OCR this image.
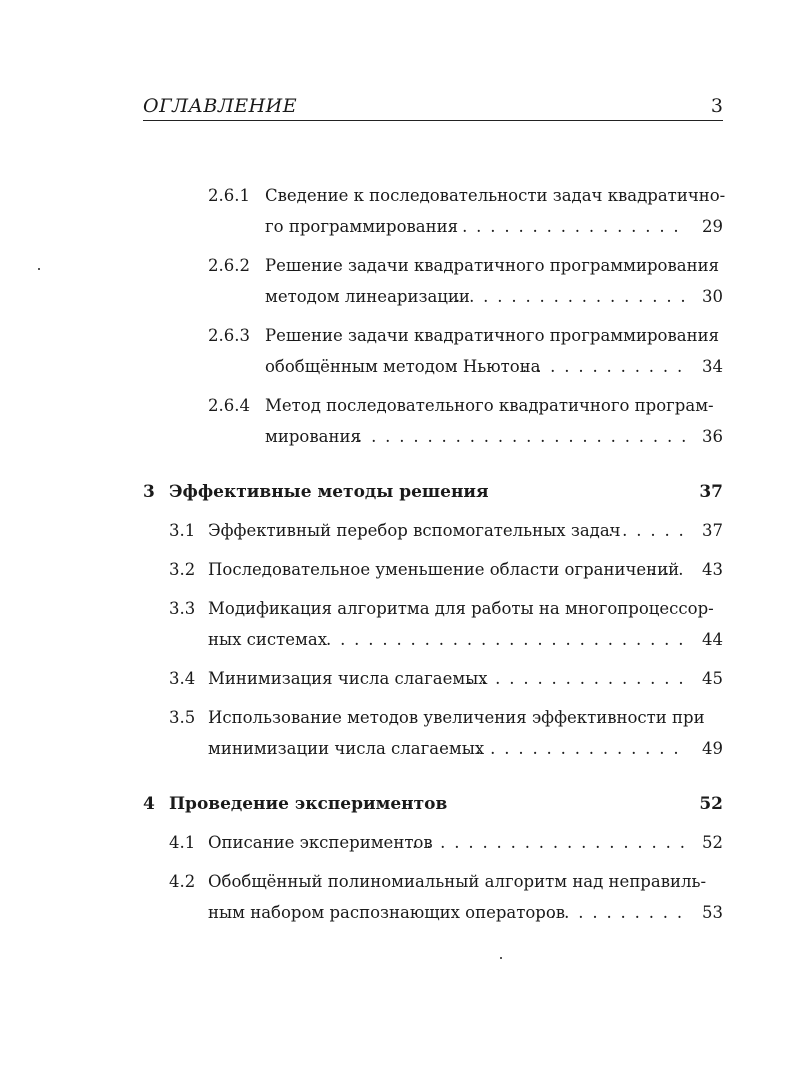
ОГЛАВЛЕНИЕ	3
2.6.1 Сведение к последовательности задач квадратично-
го программирования . . .	29
2.6.2 Решение задачи квадратичного программирования
методом линеаризации . . .	30
2.6.3 Решение задачи квадратичного программирования
обобщённым методом Ньютона . . .	34
2.6.4 Метод последовательного квадратичного програм-
мирования . . .	36
3 Эффективные методы решения	37
3.1 Эффективный перебор вспомогательных задач . . .	37
3.2 Последовательное уменьшение области ограничений . . . 43
3.3 Модификация алгоритма для работы на многопроцессор-
ных системах . . .	44
3.4 Минимизация числа слагаемых . . .	45
3.5 Использование методов увеличения эффективности при
минимизации числа слагаемых . . .	49
4 Проведение экспериментов	52
4.1 Описание экспериментов . . .	52
4.2 Обобщённый полиномиальный алгоритм над неправиль-
ным набором распознающих операторов . . .	53
